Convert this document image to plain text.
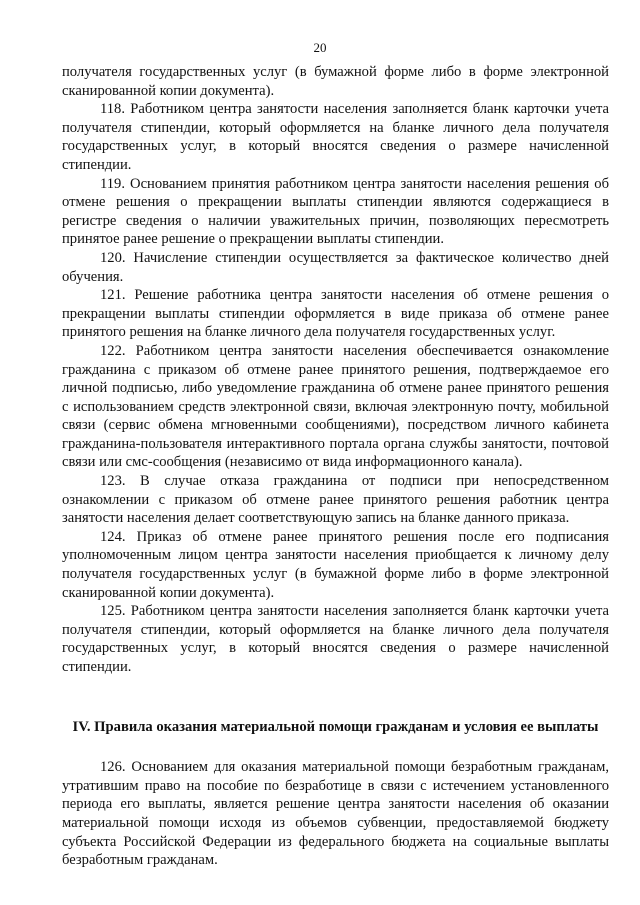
20

получателя государственных услуг (в бумажной форме либо в форме электронной сканированной копии документа).

118. Работником центра занятости населения заполняется бланк карточки учета получателя стипендии, который оформляется на бланке личного дела получателя государственных услуг, в который вносятся сведения о размере начисленной стипендии.

119. Основанием принятия работником центра занятости населения решения об отмене решения о прекращении выплаты стипендии являются содержащиеся в регистре сведения о наличии уважительных причин, позволяющих пересмотреть принятое ранее решение о прекращении выплаты стипендии.

120. Начисление стипендии осуществляется за фактическое количество дней обучения.

121. Решение работника центра занятости населения об отмене решения о прекращении выплаты стипендии оформляется в виде приказа об отмене ранее принятого решения на бланке личного дела получателя государственных услуг.

122. Работником центра занятости населения обеспечивается ознакомление гражданина с приказом об отмене ранее принятого решения, подтверждаемое его личной подписью, либо уведомление гражданина об отмене ранее принятого решения с использованием средств электронной связи, включая электронную почту, мобильной связи (сервис обмена мгновенными сообщениями), посредством личного кабинета гражданина-пользователя интерактивного портала органа службы занятости, почтовой связи или смс-сообщения (независимо от вида информационного канала).

123. В случае отказа гражданина от подписи при непосредственном ознакомлении с приказом об отмене ранее принятого решения работник центра занятости населения делает соответствующую запись на бланке данного приказа.

124. Приказ об отмене ранее принятого решения после его подписания уполномоченным лицом центра занятости населения приобщается к личному делу получателя государственных услуг (в бумажной форме либо в форме электронной сканированной копии документа).

125. Работником центра занятости населения заполняется бланк карточки учета получателя стипендии, который оформляется на бланке личного дела получателя государственных услуг, в который вносятся сведения о размере начисленной стипендии.

IV. Правила оказания материальной помощи гражданам и условия ее выплаты

126. Основанием для оказания материальной помощи безработным гражданам, утратившим право на пособие по безработице в связи с истечением установленного периода его выплаты, является решение центра занятости населения об оказании материальной помощи исходя из объемов субвенции, предоставляемой бюджету субъекта Российской Федерации из федерального бюджета на социальные выплаты безработным гражданам.
